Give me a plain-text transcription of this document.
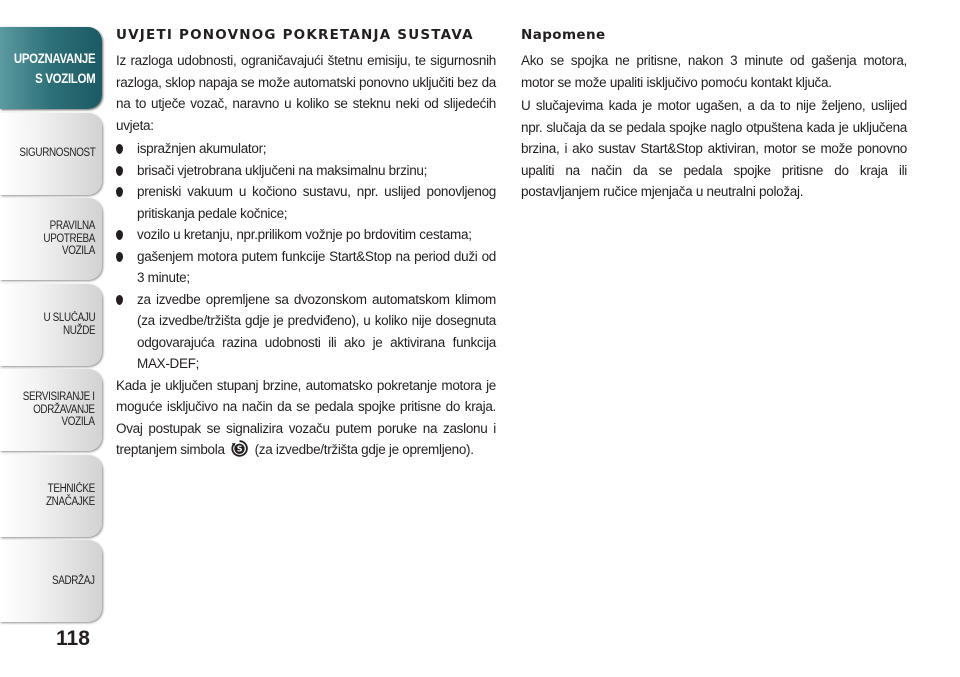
UPOZNAVANJE
S VOZILOM
SIGURNOSNOST
PRAVILNA
UPOTREBA
VOZILA
U SLUČAJU
NUŽDE
SERVISIRANJE I
ODRŽAVANJE
VOZILA
TEHNIČKE
ZNAČAJKE
SADRŽAJ
118
UVJETI PONOVNOG POKRETANJA SUSTAVA

Iz razloga udobnosti, ograničavajući štetnu emisiju, te sigurnosnih razloga, sklop napaja se može automatski ponovno uključiti bez da na to utječe vozač, naravno u koliko se steknu neki od slijedećih uvjeta:

ispražnjen akumulator;
brisači vjetrobrana uključeni na maksimalnu brzinu;
preniski vakuum u kočiono sustavu, npr. uslijed ponovljenog pritiskanja pedale kočnice;
vozilo u kretanju, npr.prilikom vožnje po brdovitim cestama;
gašenjem motora putem funkcije Start&Stop na period duži od 3 minute;
za izvedbe opremljene sa dvozonskom automatskom klimom (za izvedbe/tržišta gdje je predviđeno), u koliko nije dosegnuta odgovarajuća razina udobnosti ili ako je aktivirana funkcija MAX-DEF;

Kada je uključen stupanj brzine, automatsko pokretanje motora je moguće isključivo na način da se pedala spojke pritisne do kraja. Ovaj postupak se signalizira vozaču putem poruke na zaslonu i treptanjem simbola S (za izvedbe/tržišta gdje je opremljeno).

Napomene

Ako se spojka ne pritisne, nakon 3 minute od gašenja motora, motor se može upaliti isključivo pomoću kontakt ključa.

U slučajevima kada je motor ugašen, a da to nije željeno, uslijed npr. slučaja da se pedala spojke naglo otpuštena kada je uključena brzina, i ako sustav Start&Stop aktiviran, motor se može ponovno upaliti na način da se pedala spojke pritisne do kraja ili postavljanjem ručice mjenjača u neutralni položaj.
